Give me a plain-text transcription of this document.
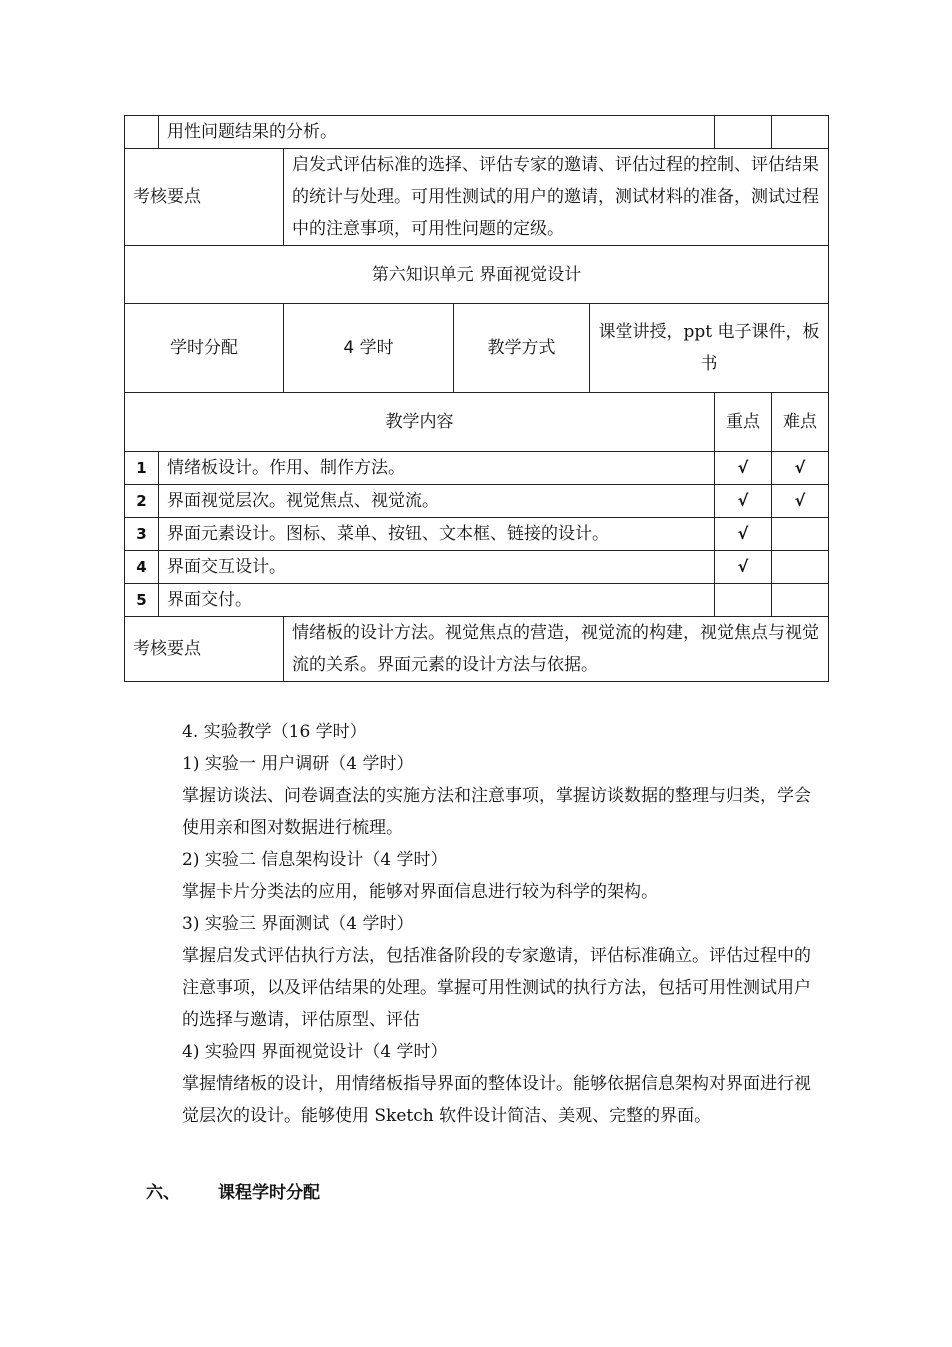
	用性问题结果的分析。					
考核要点		启发式评估标准的选择、评估专家的邀请、评估过程的控制、评估结果的统计与处理。可用性测试的用户的邀请，测试材料的准备，测试过程中的注意事项，可用性问题的定级。				
第六知识单元 界面视觉设计						
学时分配		4 学时	教学方式	课堂讲授，ppt 电子课件，板书		
教学内容					重点	难点
1	情绪板设计。作用、制作方法。				√	√
2	界面视觉层次。视觉焦点、视觉流。				√	√
3	界面元素设计。图标、菜单、按钮、文本框、链接的设计。				√	
4	界面交互设计。				√	
5	界面交付。					
考核要点		情绪板的设计方法。视觉焦点的营造，视觉流的构建，视觉焦点与视觉流的关系。界面元素的设计方法与依据。				

4. 实验教学（16 学时）

1) 实验一 用户调研（4 学时）

掌握访谈法、问卷调查法的实施方法和注意事项，掌握访谈数据的整理与归类，学会使用亲和图对数据进行梳理。

2) 实验二 信息架构设计（4 学时）

掌握卡片分类法的应用，能够对界面信息进行较为科学的架构。

3) 实验三 界面测试（4 学时）

掌握启发式评估执行方法，包括准备阶段的专家邀请，评估标准确立。评估过程中的注意事项，以及评估结果的处理。掌握可用性测试的执行方法，包括可用性测试用户的选择与邀请，评估原型、评估

4) 实验四 界面视觉设计（4 学时）

掌握情绪板的设计，用情绪板指导界面的整体设计。能够依据信息架构对界面进行视觉层次的设计。能够使用 Sketch 软件设计简洁、美观、完整的界面。

六、 课程学时分配
